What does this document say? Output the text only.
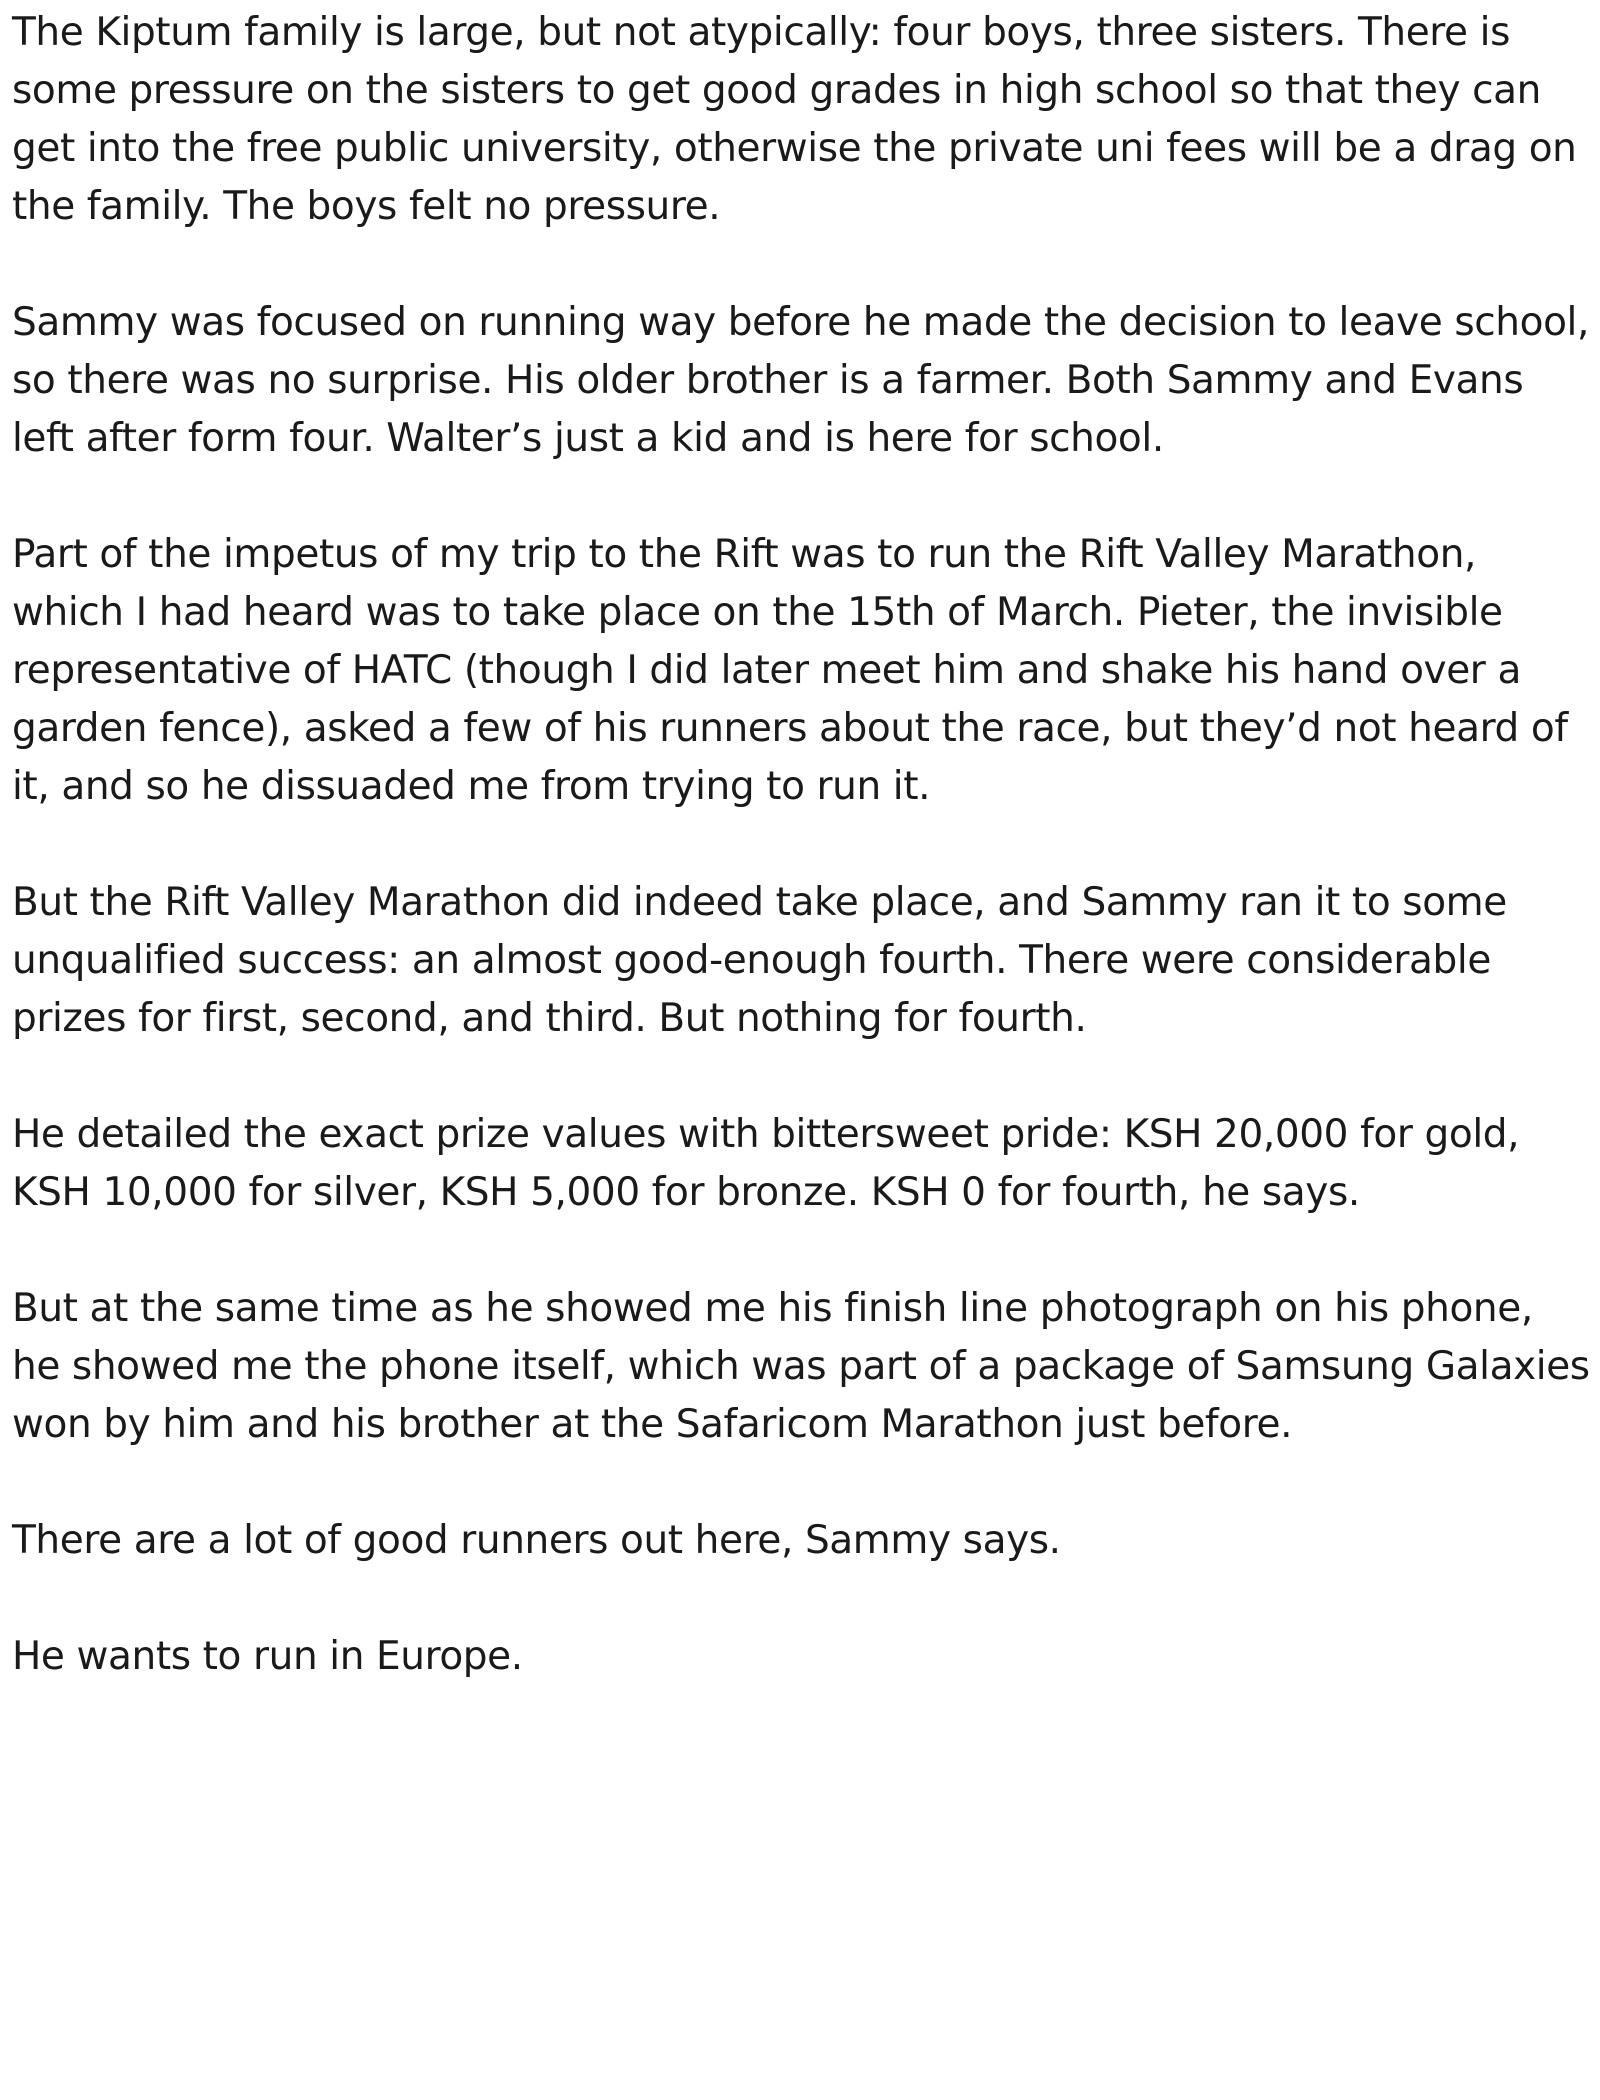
The Kiptum family is large, but not atypically: four boys, three sisters. There is some pressure on the sisters to get good grades in high school so that they can get into the free public university, otherwise the private uni fees will be a drag on the family. The boys felt no pressure.

Sammy was focused on running way before he made the decision to leave school, so there was no surprise. His older brother is a farmer. Both Sammy and Evans left after form four. Walter’s just a kid and is here for school.

Part of the impetus of my trip to the Rift was to run the Rift Valley Marathon, which I had heard was to take place on the 15th of March. Pieter, the invisible representative of HATC (though I did later meet him and shake his hand over a garden fence), asked a few of his runners about the race, but they’d not heard of it, and so he dissuaded me from trying to run it.

But the Rift Valley Marathon did indeed take place, and Sammy ran it to some unqualified success: an almost good-enough fourth. There were considerable prizes for first, second, and third. But nothing for fourth.

He detailed the exact prize values with bittersweet pride: KSH 20,000 for gold, KSH 10,000 for silver, KSH 5,000 for bronze. KSH 0 for fourth, he says.

But at the same time as he showed me his finish line photograph on his phone, he showed me the phone itself, which was part of a package of Samsung Galaxies won by him and his brother at the Safaricom Marathon just before.

There are a lot of good runners out here, Sammy says.

He wants to run in Europe.
